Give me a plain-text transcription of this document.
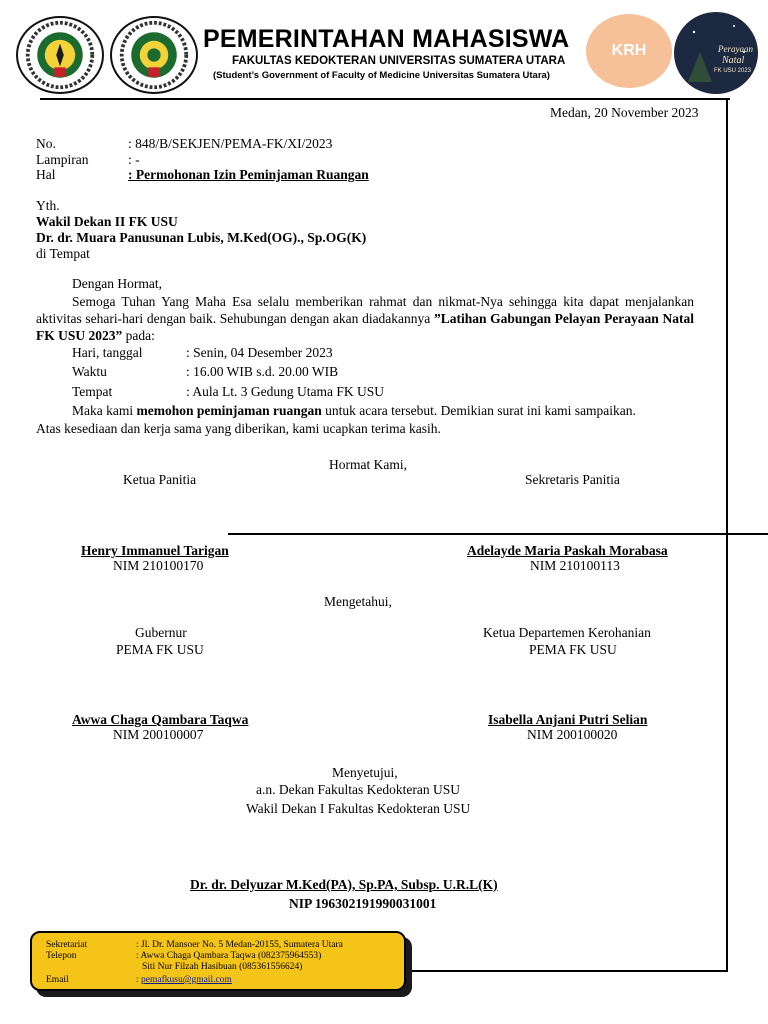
PEMERINTAHAN MAHASISWA
FAKULTAS KEDOKTERAN UNIVERSITAS SUMATERA UTARA
(Student’s Government of Faculty of Medicine Universitas Sumatera Utara)
KRH	Perayaan
Natal
FK USU 2023
Medan, 20 November 2023
No.	: 848/B/SEKJEN/PEMA-FK/XI/2023
Lampiran	: -
Hal	: Permohonan Izin Peminjaman Ruangan
Yth.
Wakil Dekan II FK USU
Dr. dr. Muara Panusunan Lubis, M.Ked(OG)., Sp.OG(K)
di Tempat
Dengan Hormat,
Semoga Tuhan Yang Maha Esa selalu memberikan rahmat dan nikmat-Nya sehingga kita dapat menjalankan aktivitas sehari-hari dengan baik. Sehubungan dengan akan diadakannya ”Latihan Gabungan Pelayan Perayaan Natal FK USU 2023” pada:
Hari, tanggal	: Senin, 04 Desember 2023
Waktu	: 16.00 WIB s.d. 20.00 WIB
Tempat	: Aula Lt. 3 Gedung Utama FK USU
Maka kami memohon peminjaman ruangan untuk acara tersebut. Demikian surat ini kami sampaikan.
Atas kesediaan dan kerja sama yang diberikan, kami ucapkan terima kasih.
Hormat Kami,
Ketua Panitia	Sekretaris Panitia
Henry Immanuel Tarigan
NIM 210100170
Adelayde Maria Paskah Morabasa
NIM 210100113
Mengetahui,
Gubernur
PEMA FK USU
Ketua Departemen Kerohanian
PEMA FK USU
Awwa Chaga Qambara Taqwa
NIM 200100007
Isabella Anjani Putri Selian
NIM 200100020
Menyetujui,
a.n. Dekan Fakultas Kedokteran USU
Wakil Dekan I Fakultas Kedokteran USU
Dr. dr. Delyuzar M.Ked(PA), Sp.PA, Subsp. U.R.L(K)
NIP 196302191990031001
Sekretariat	: Jl. Dr. Mansoer No. 5 Medan-20155, Sumatera Utara
Telepon	: Awwa Chaga Qambara Taqwa (082375964553)
Siti Nur Filzah Hasibuan (085361556624)
Email	: pemafkusu@gmail.com
